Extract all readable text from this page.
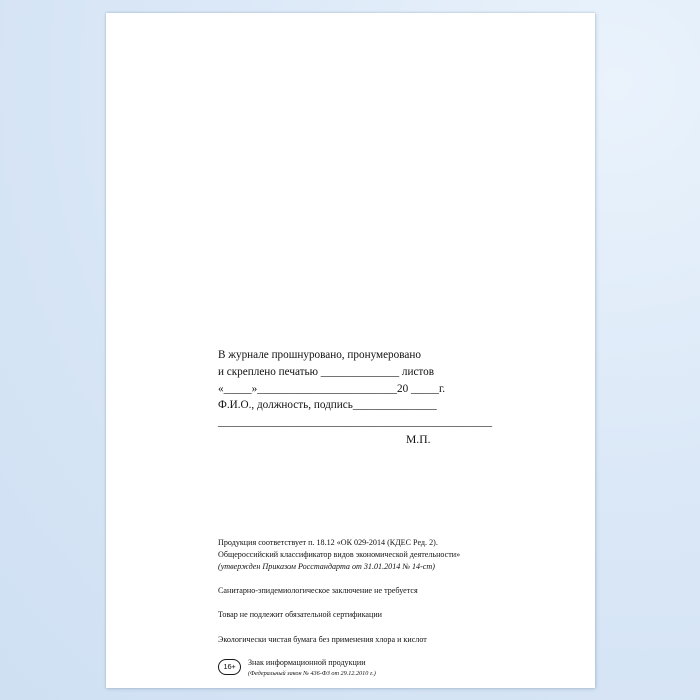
В журнале прошнуровано, пронумеровано
и скреплено печатью ______________ листов
«_____»_________________________20 _____г.
Ф.И.О., должность, подпись_______________
_________________________________________________
М.П.
Продукция соответствует п. 18.12 «ОК 029-2014 (КДЕС Ред. 2).
Общероссийский классификатор видов экономической деятельности»
(утвержден Приказом Росстандарта от 31.01.2014 № 14-ст)
Санитарно-эпидемиологическое заключение не требуется
Товар не подлежит обязательной сертификации
Экологически чистая бумага без применения хлора и кислот
16+	Знак информационной продукции
(Федеральный закон № 436-ФЗ от 29.12.2010 г.)
